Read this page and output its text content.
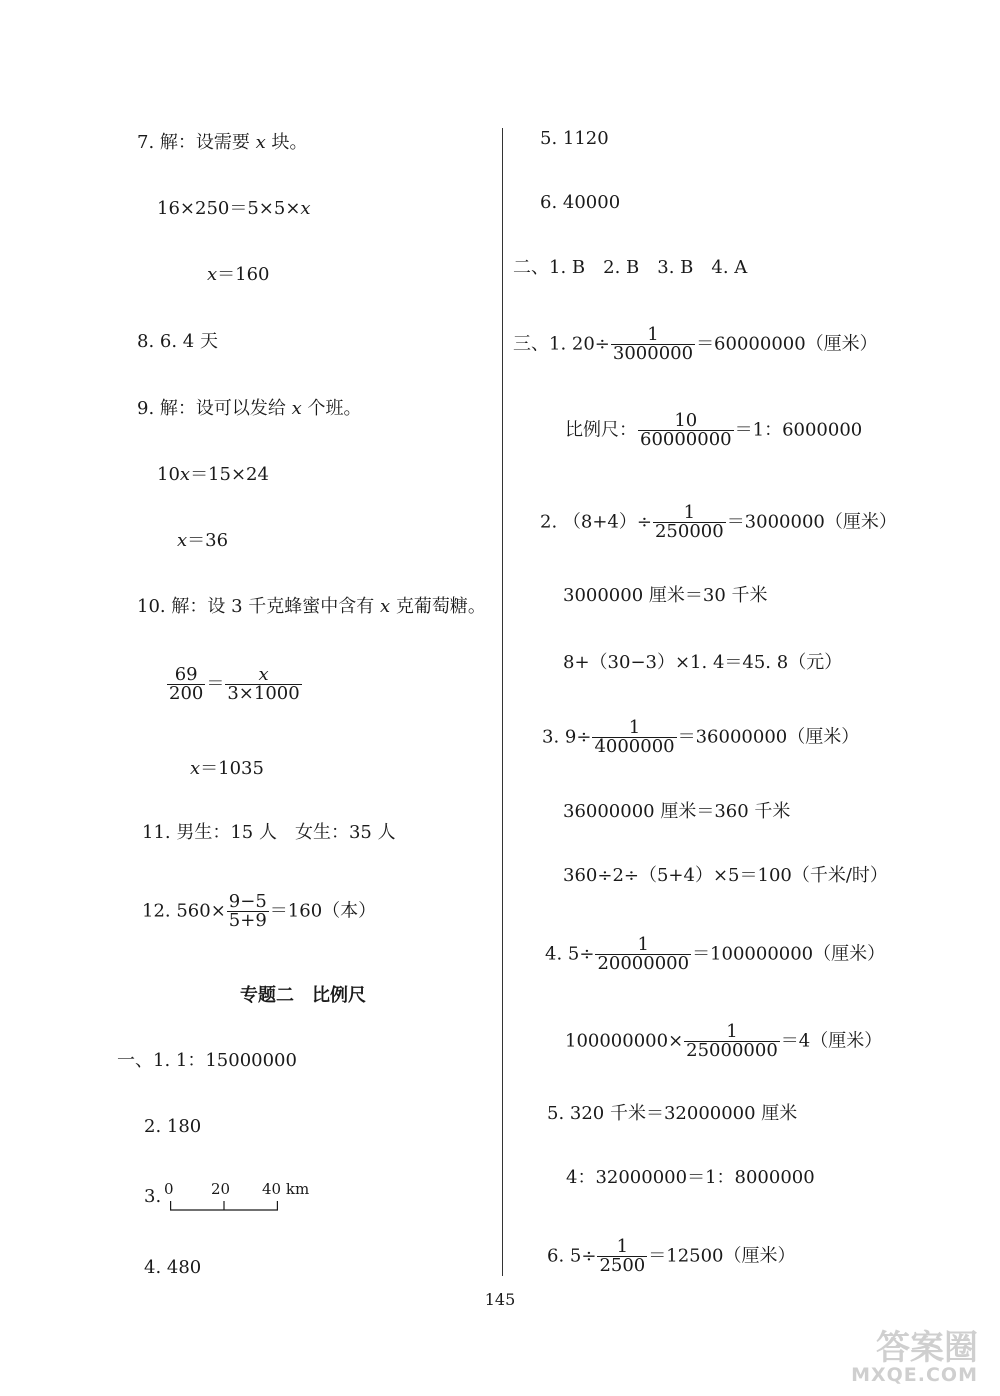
7. 解：设需要 x 块。
16×250＝5×5×x
x＝160
8. 6. 4 天
9. 解：设可以发给 x 个班。
10x＝15×24
x＝36
10. 解：设 3 千克蜂蜜中含有 x 克葡萄糖。
$\frac{69}{200} = \frac{x}{3\times 1000}$
x＝1035
11. 男生：15 人　女生：35 人
12. $560\times \frac{9-5}{5+9} =160$（本）
专题二　比例尺
一、1. 1：15000000
2. 180
3. 0 20 40 km
4. 480
5. 1120
6. 40000
二、1. B　2. B　3. B　4. A
三、1. $20\div \frac{1}{3000000} =60000000$（厘米）
比例尺： $\frac{10}{60000000} =1$：6000000
2. $(8+4)\div \frac{1}{250000} =3000000$（厘米）
3000000 厘米＝30 千米
8+（30−3）×1. 4＝45. 8（元）
3. $9\div \frac{1}{4000000} =36000000$（厘米）
36000000 厘米＝360 千米
360÷2÷（5+4）×5＝100（千米/时）
4. $5\div \frac{1}{20000000} =100000000$（厘米）
$100000000\times \frac{1}{25000000} =4$（厘米）
5. 320 千米＝32000000 厘米
4：32000000＝1：8000000
6. $5\div \frac{1}{2500} =12500$（厘米）
145
答案圈
MXQE.COM
